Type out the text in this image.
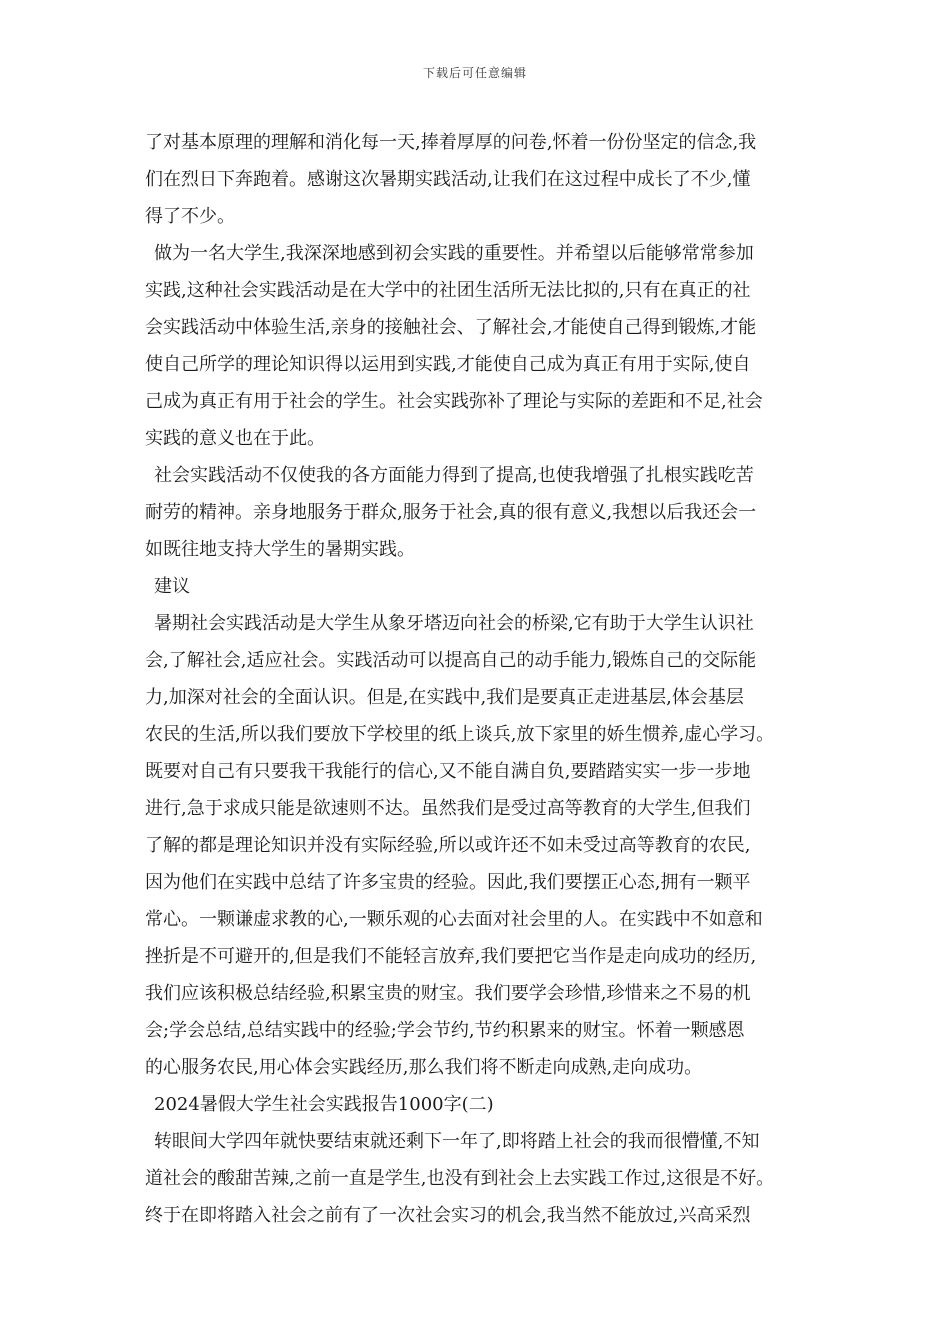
下载后可任意编辑
了对基本原理的理解和消化每一天,捧着厚厚的问卷,怀着一份份坚定的信念,我
们在烈日下奔跑着。感谢这次暑期实践活动,让我们在这过程中成长了不少,懂
得了不少。
做为一名大学生,我深深地感到初会实践的重要性。并希望以后能够常常参加
实践,这种社会实践活动是在大学中的社团生活所无法比拟的,只有在真正的社
会实践活动中体验生活,亲身的接触社会、了解社会,才能使自己得到锻炼,才能
使自己所学的理论知识得以运用到实践,才能使自己成为真正有用于实际,使自
己成为真正有用于社会的学生。社会实践弥补了理论与实际的差距和不足,社会
实践的意义也在于此。
社会实践活动不仅使我的各方面能力得到了提高,也使我增强了扎根实践吃苦
耐劳的精神。亲身地服务于群众,服务于社会,真的很有意义,我想以后我还会一
如既往地支持大学生的暑期实践。
建议
暑期社会实践活动是大学生从象牙塔迈向社会的桥梁,它有助于大学生认识社
会,了解社会,适应社会。实践活动可以提高自己的动手能力,锻炼自己的交际能
力,加深对社会的全面认识。但是,在实践中,我们是要真正走进基层,体会基层
农民的生活,所以我们要放下学校里的纸上谈兵,放下家里的娇生惯养,虚心学习。
既要对自己有只要我干我能行的信心,又不能自满自负,要踏踏实实一步一步地
进行,急于求成只能是欲速则不达。虽然我们是受过高等教育的大学生,但我们
了解的都是理论知识并没有实际经验,所以或许还不如未受过高等教育的农民,
因为他们在实践中总结了许多宝贵的经验。因此,我们要摆正心态,拥有一颗平
常心。一颗谦虚求教的心,一颗乐观的心去面对社会里的人。在实践中不如意和
挫折是不可避开的,但是我们不能轻言放弃,我们要把它当作是走向成功的经历,
我们应该积极总结经验,积累宝贵的财宝。我们要学会珍惜,珍惜来之不易的机
会;学会总结,总结实践中的经验;学会节约,节约积累来的财宝。怀着一颗感恩
的心服务农民,用心体会实践经历,那么我们将不断走向成熟,走向成功。
2024暑假大学生社会实践报告1000字(二)
转眼间大学四年就快要结束就还剩下一年了,即将踏上社会的我而很懵懂,不知
道社会的酸甜苦辣,之前一直是学生,也没有到社会上去实践工作过,这很是不好。
终于在即将踏入社会之前有了一次社会实习的机会,我当然不能放过,兴高采烈
